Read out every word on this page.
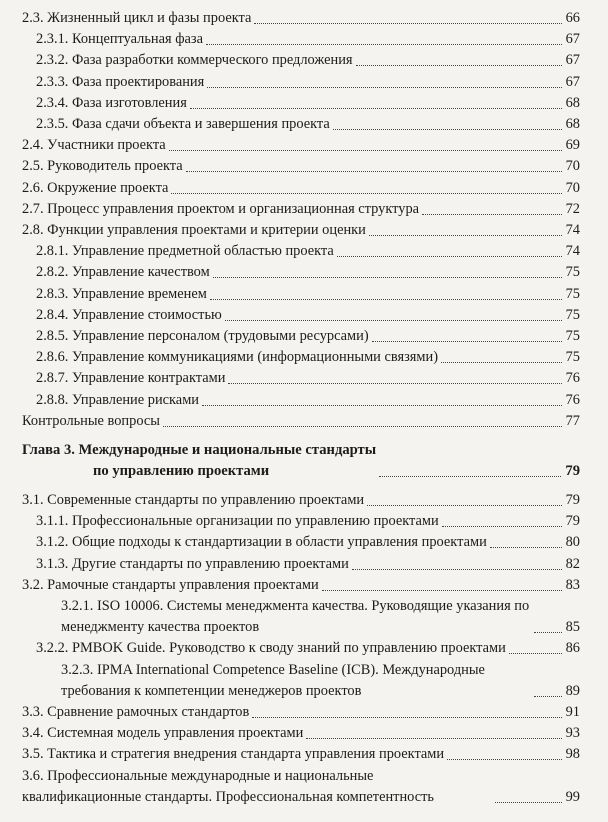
2.3. Жизненный цикл и фазы проекта	66
2.3.1. Концептуальная фаза	67
2.3.2. Фаза разработки коммерческого предложения	67
2.3.3. Фаза проектирования	67
2.3.4. Фаза изготовления	68
2.3.5. Фаза сдачи объекта и завершения проекта	68
2.4. Участники проекта	69
2.5. Руководитель проекта	70
2.6. Окружение проекта	70
2.7. Процесс управления проектом и организационная структура	72
2.8. Функции управления проектами и критерии оценки	74
2.8.1. Управление предметной областью проекта	74
2.8.2. Управление качеством	75
2.8.3. Управление временем	75
2.8.4. Управление стоимостью	75
2.8.5. Управление персоналом (трудовыми ресурсами)	75
2.8.6. Управление коммуникациями (информационными связями)	75
2.8.7. Управление контрактами	76
2.8.8. Управление рисками	76
Контрольные вопросы	77
Глава 3. Международные и национальные стандарты
по управлению проектами	79
3.1. Современные стандарты по управлению проектами	79
3.1.1. Профессиональные организации по управлению проектами	79
3.1.2. Общие подходы к стандартизации в области управления проектами	80
3.1.3. Другие стандарты по управлению проектами	82
3.2. Рамочные стандарты управления проектами	83
3.2.1. ISO 10006. Системы менеджмента качества. Руководящие указания по менеджменту качества проектов	85
3.2.2. PMBOK Guide. Руководство к своду знаний по управлению проектами	86
3.2.3. IPMA International Competence Baseline (ICB). Международные требования к компетенции менеджеров проектов	89
3.3. Сравнение рамочных стандартов	91
3.4. Системная модель управления проектами	93
3.5. Тактика и стратегия внедрения стандарта управления проектами	98
3.6. Профессиональные международные и национальные квалификационные стандарты. Профессиональная компетентность	99
